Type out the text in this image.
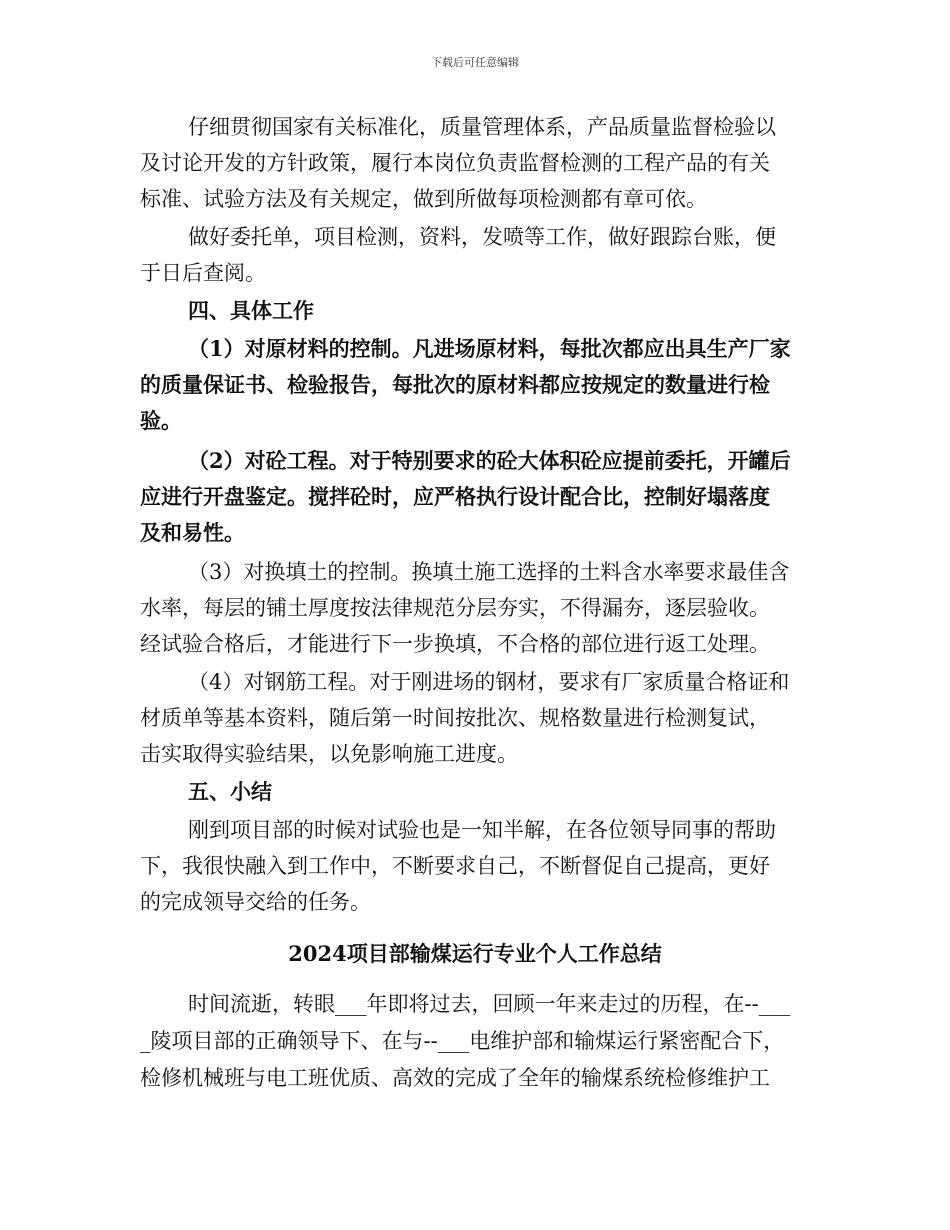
下载后可任意编辑
仔细贯彻国家有关标准化，质量管理体系，产品质量监督检验以
及讨论开发的方针政策，履行本岗位负责监督检测的工程产品的有关
标准、试验方法及有关规定，做到所做每项检测都有章可依。
做好委托单，项目检测，资料，发喷等工作，做好跟踪台账，便
于日后查阅。
四、具体工作
（1）对原材料的控制。凡进场原材料，每批次都应出具生产厂家
的质量保证书、检验报告，每批次的原材料都应按规定的数量进行检
验。
（2）对砼工程。对于特别要求的砼大体积砼应提前委托，开罐后
应进行开盘鉴定。搅拌砼时，应严格执行设计配合比，控制好塌落度
及和易性。
（3）对换填土的控制。换填土施工选择的土料含水率要求最佳含
水率，每层的铺土厚度按法律规范分层夯实，不得漏夯，逐层验收。
经试验合格后，才能进行下一步换填，不合格的部位进行返工处理。
（4）对钢筋工程。对于刚进场的钢材，要求有厂家质量合格证和
材质单等基本资料，随后第一时间按批次、规格数量进行检测复试，
击实取得实验结果，以免影响施工进度。
五、小结
刚到项目部的时候对试验也是一知半解，在各位领导同事的帮助
下，我很快融入到工作中，不断要求自己，不断督促自己提高，更好
的完成领导交给的任务。
2024项目部输煤运行专业个人工作总结
时间流逝，转眼___年即将过去，回顾一年来走过的历程，在--___
_陵项目部的正确领导下、在与--___电维护部和输煤运行紧密配合下，
检修机械班与电工班优质、高效的完成了全年的输煤系统检修维护工
